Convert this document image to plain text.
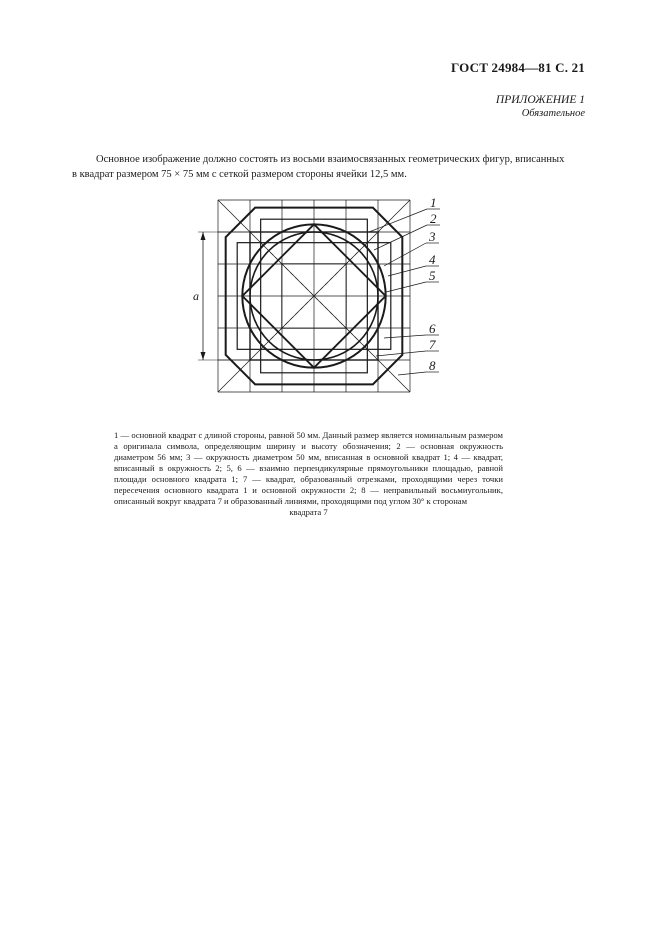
ГОСТ 24984—81 С. 21
ПРИЛОЖЕНИЕ 1
Обязательное
Основное изображение должно состоять из восьми взаимосвязанных геометрических фигур, вписанных
в квадрат размером 75 × 75 мм с сеткой размером стороны ячейки 12,5 мм.
a
1
2
3
4
5
6
7
8
1 — основной квадрат с длиной стороны, равной 50 мм. Данный размер является номинальным размером a оригинала символа, определяющим ширину и высоту обозначения; 2 — основная окружность диаметром 56 мм; 3 — окружность диаметром 50 мм, вписанная в основной квадрат 1; 4 — квадрат, вписанный в окружность 2; 5, 6 — взаимно перпендикулярные прямоугольники площадью, равной площади основного квадрата 1; 7 — квадрат, образованный отрезками, проходящими через точки пересечения основного квадрата 1 и основной окружности 2; 8 — неправильный восьмиугольник, описанный вокруг квадрата 7 и образованный линиями, проходящими под углом 30° к сторонам
квадрата 7
